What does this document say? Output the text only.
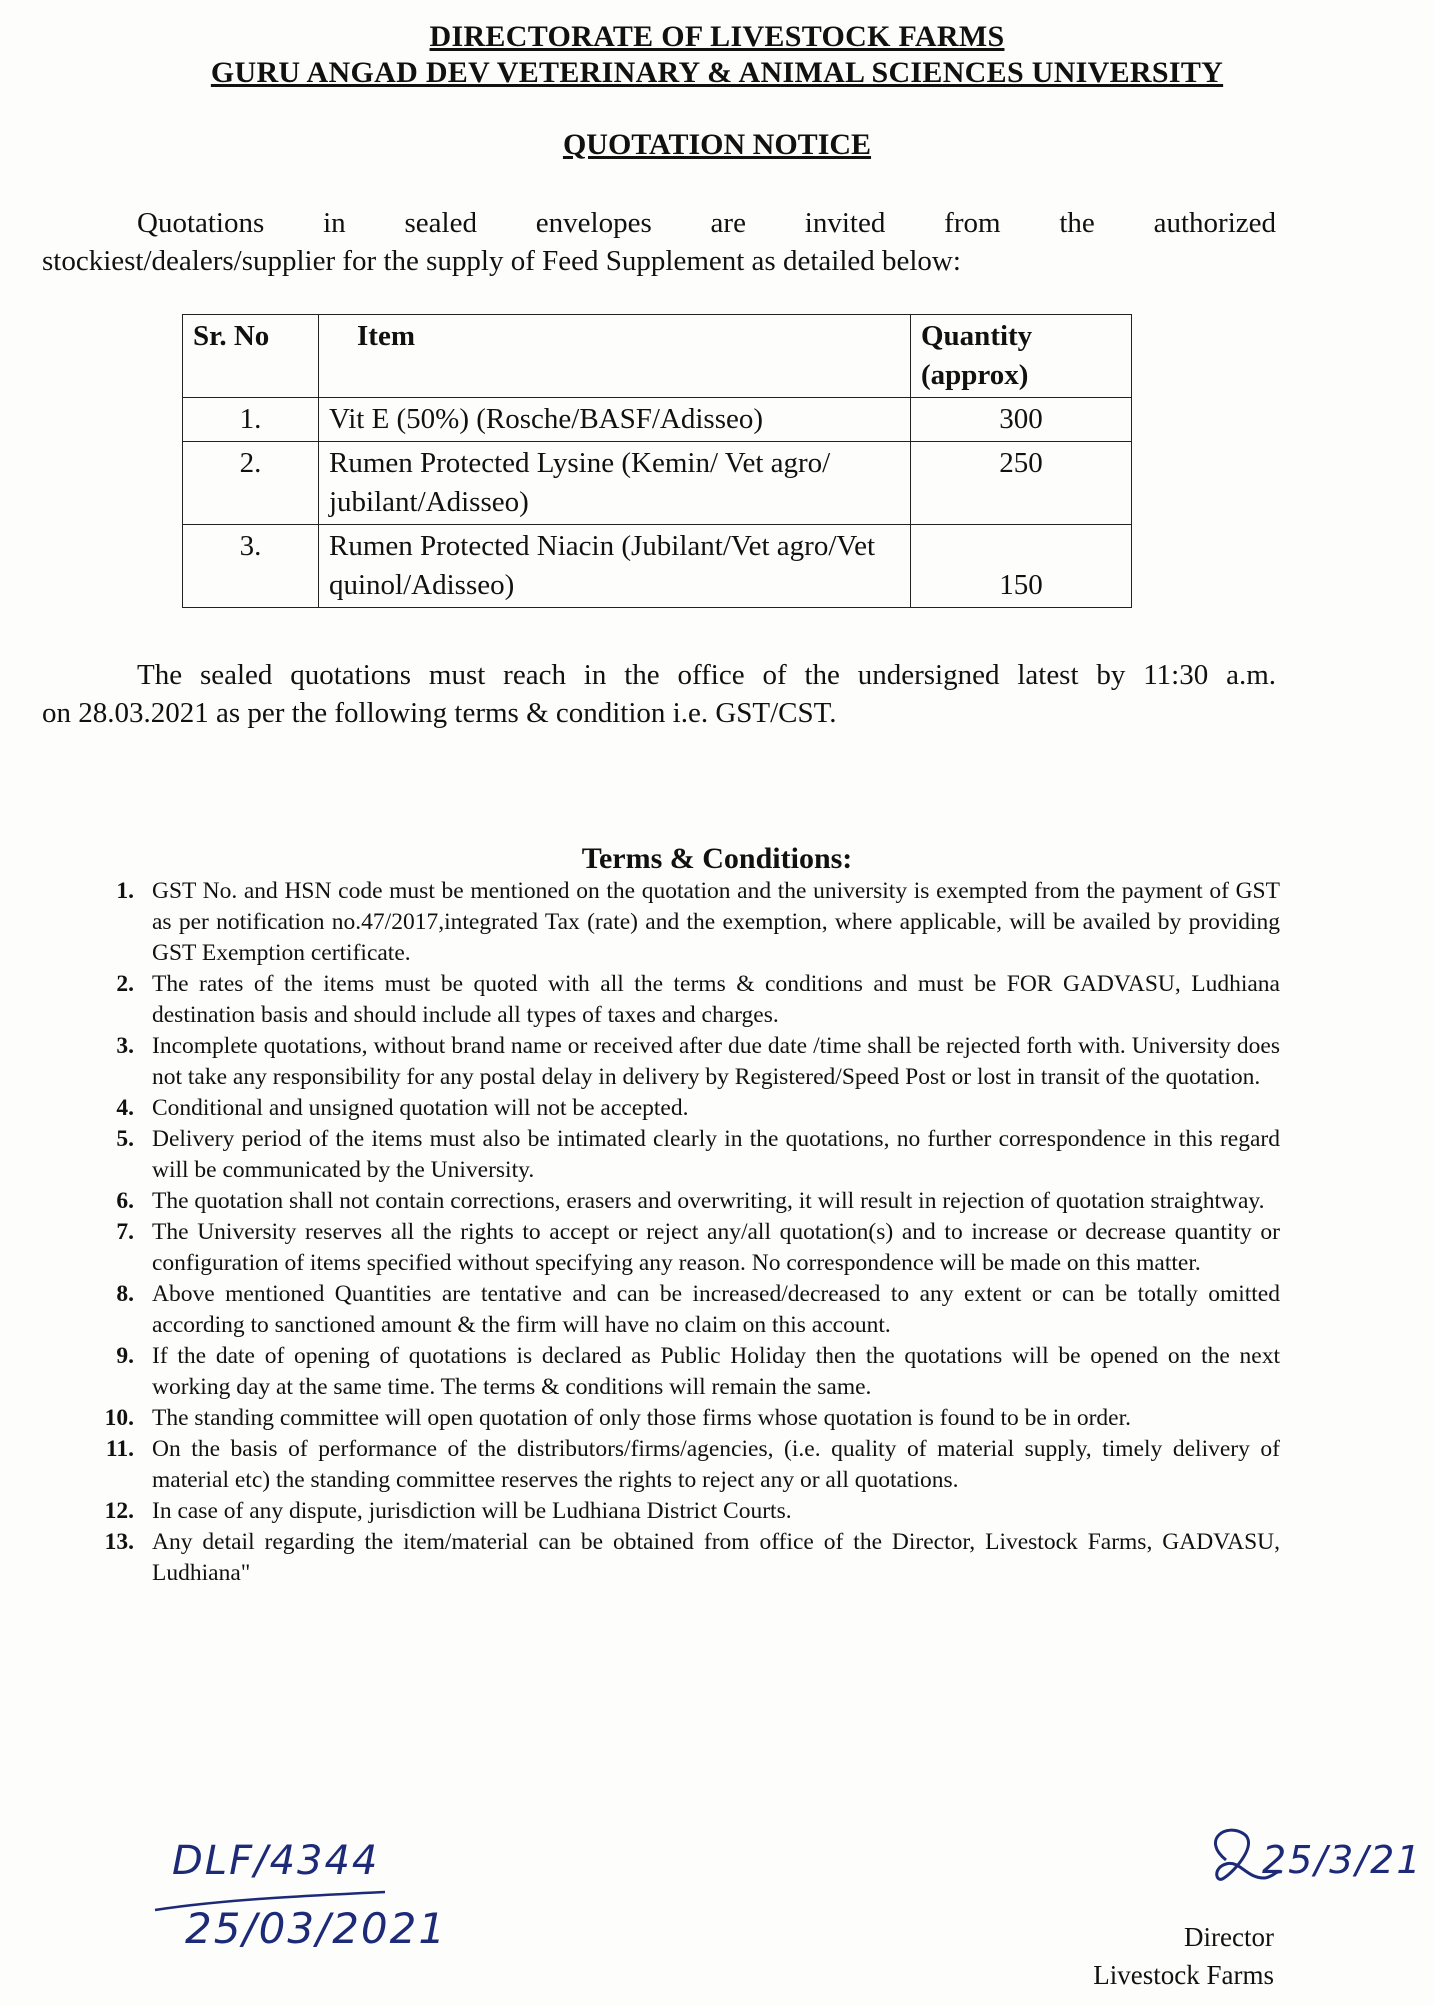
DIRECTORATE OF LIVESTOCK FARMS
GURU ANGAD DEV VETERINARY & ANIMAL SCIENCES UNIVERSITY
QUOTATION NOTICE
Quotations in sealed envelopes are invited from the authorized
stockiest/dealers/supplier for the supply of Feed Supplement as detailed below:
Sr. No	Item	Quantity (approx)
1.	Vit E (50%) (Rosche/BASF/Adisseo)	300
2.	Rumen Protected Lysine (Kemin/ Vet agro/ jubilant/Adisseo)	250
3.	Rumen Protected Niacin (Jubilant/Vet agro/Vet quinol/Adisseo)	150
The sealed quotations must reach in the office of the undersigned latest by 11:30 a.m.
on 28.03.2021 as per the following terms & condition i.e. GST/CST.
Terms & Conditions:
1. GST No. and HSN code must be mentioned on the quotation and the university is exempted from the payment of GST as per notification no.47/2017,integrated Tax (rate) and the exemption, where applicable, will be availed by providing GST Exemption certificate.
2. The rates of the items must be quoted with all the terms & conditions and must be FOR GADVASU, Ludhiana destination basis and should include all types of taxes and charges.
3. Incomplete quotations, without brand name or received after due date /time shall be rejected forth with. University does not take any responsibility for any postal delay in delivery by Registered/Speed Post or lost in transit of the quotation.
4. Conditional and unsigned quotation will not be accepted.
5. Delivery period of the items must also be intimated clearly in the quotations, no further correspondence in this regard will be communicated by the University.
6. The quotation shall not contain corrections, erasers and overwriting, it will result in rejection of quotation straightway.
7. The University reserves all the rights to accept or reject any/all quotation(s) and to increase or decrease quantity or configuration of items specified without specifying any reason. No correspondence will be made on this matter.
8. Above mentioned Quantities are tentative and can be increased/decreased to any extent or can be totally omitted according to sanctioned amount & the firm will have no claim on this account.
9. If the date of opening of quotations is declared as Public Holiday then the quotations will be opened on the next working day at the same time. The terms & conditions will remain the same.
10. The standing committee will open quotation of only those firms whose quotation is found to be in order.
11. On the basis of performance of the distributors/firms/agencies, (i.e. quality of material supply, timely delivery of material etc) the standing committee reserves the rights to reject any or all quotations.
12. In case of any dispute, jurisdiction will be Ludhiana District Courts.
13. Any detail regarding the item/material can be obtained from office of the Director, Livestock Farms, GADVASU, Ludhiana"
DLF/4344
25/03/2021
25/3/21
Director
Livestock Farms
